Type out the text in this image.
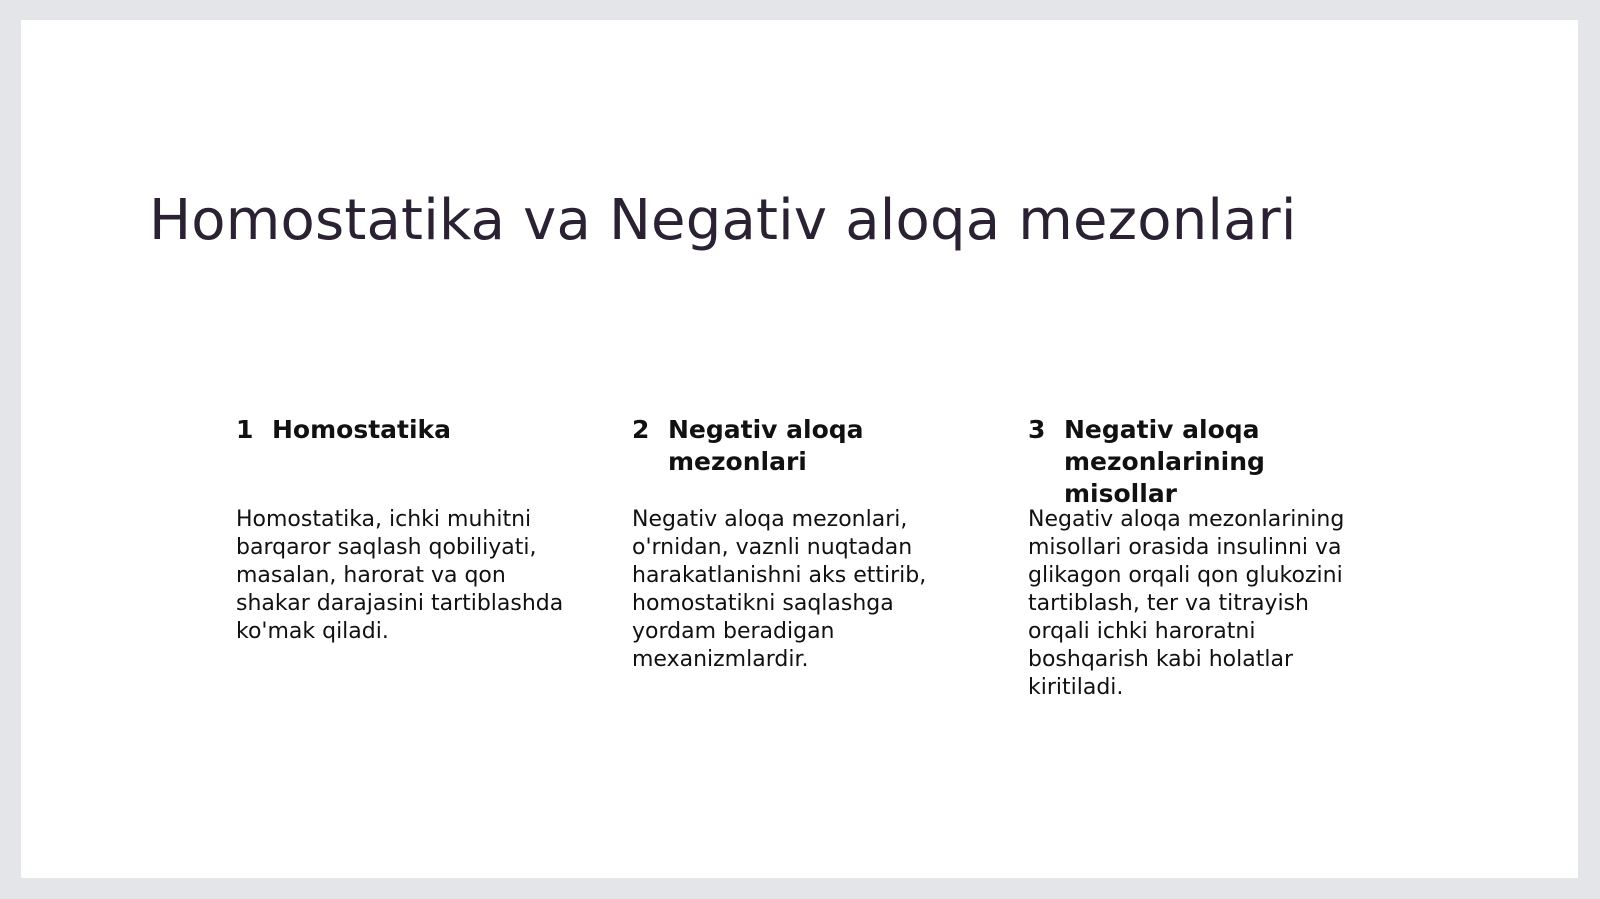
Homostatika va Negativ aloqa mezonlari
1 Homostatika

Homostatika, ichki muhitni barqaror saqlash qobiliyati, masalan, harorat va qon shakar darajasini tartiblashda ko'mak qiladi.

2 Negativ aloqa mezonlari

Negativ aloqa mezonlari, o'rnidan, vaznli nuqtadan harakatlanishni aks ettirib, homostatikni saqlashga yordam beradigan mexanizmlardir.

3 Negativ aloqa mezonlarining misollar

Negativ aloqa mezonlarining misollari orasida insulinni va glikagon orqali qon glukozini tartiblash, ter va titrayish orqali ichki haroratni boshqarish kabi holatlar kiritiladi.
